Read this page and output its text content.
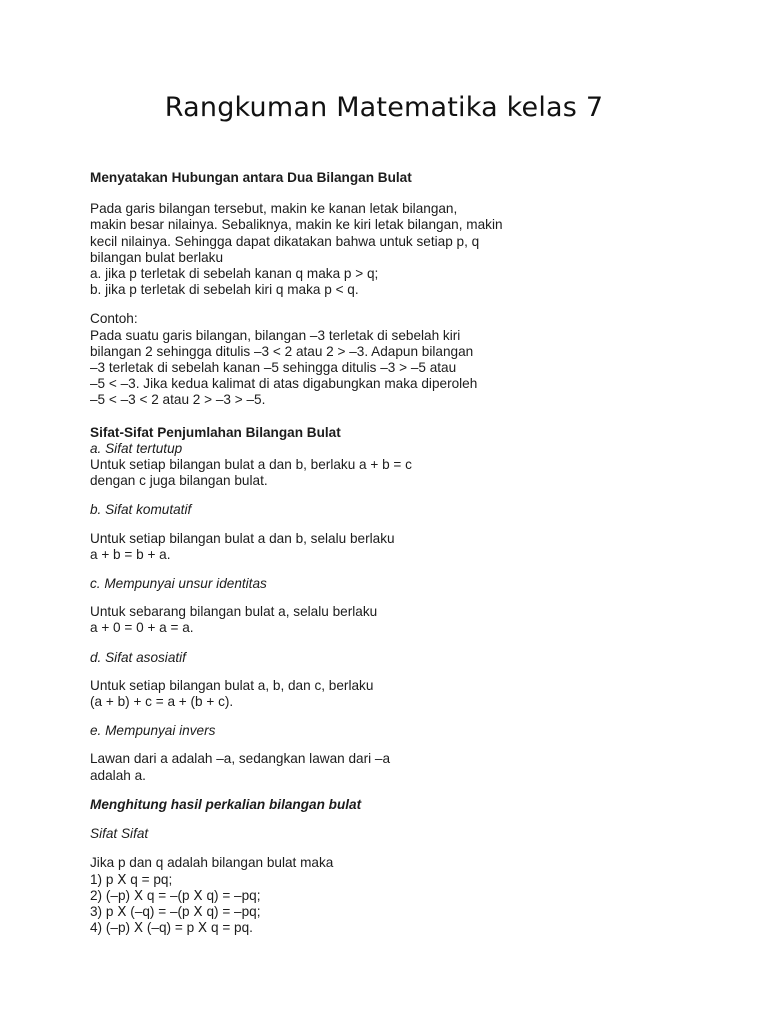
Rangkuman Matematika kelas 7
Menyatakan Hubungan antara Dua Bilangan Bulat
Pada garis bilangan tersebut, makin ke kanan letak bilangan,
makin besar nilainya. Sebaliknya, makin ke kiri letak bilangan, makin
kecil nilainya. Sehingga dapat dikatakan bahwa untuk setiap p, q
bilangan bulat berlaku
a. jika p terletak di sebelah kanan q maka p > q;
b. jika p terletak di sebelah kiri q maka p < q.
Contoh:
Pada suatu garis bilangan, bilangan –3 terletak di sebelah kiri
bilangan 2 sehingga ditulis –3 < 2 atau 2 > –3. Adapun bilangan
–3 terletak di sebelah kanan –5 sehingga ditulis –3 > –5 atau
–5 < –3. Jika kedua kalimat di atas digabungkan maka diperoleh
–5 < –3 < 2 atau 2 > –3 > –5.
Sifat-Sifat Penjumlahan Bilangan Bulat
a. Sifat tertutup
Untuk setiap bilangan bulat a dan b, berlaku a + b = c
dengan c juga bilangan bulat.
b. Sifat komutatif
Untuk setiap bilangan bulat a dan b, selalu berlaku
a + b = b + a.
c. Mempunyai unsur identitas
Untuk sebarang bilangan bulat a, selalu berlaku
a + 0 = 0 + a = a.
d. Sifat asosiatif
Untuk setiap bilangan bulat a, b, dan c, berlaku
(a + b) + c = a + (b + c).
e. Mempunyai invers
Lawan dari a adalah –a, sedangkan lawan dari –a
adalah a.
Menghitung hasil perkalian bilangan bulat
Sifat Sifat
Jika p dan q adalah bilangan bulat maka
1) p ꓫ q = pq;
2) (–p) ꓫ q = –(p ꓫ q) = –pq;
3) p ꓫ (–q) = –(p ꓫ q) = –pq;
4) (–p) ꓫ (–q) = p ꓫ q = pq.
